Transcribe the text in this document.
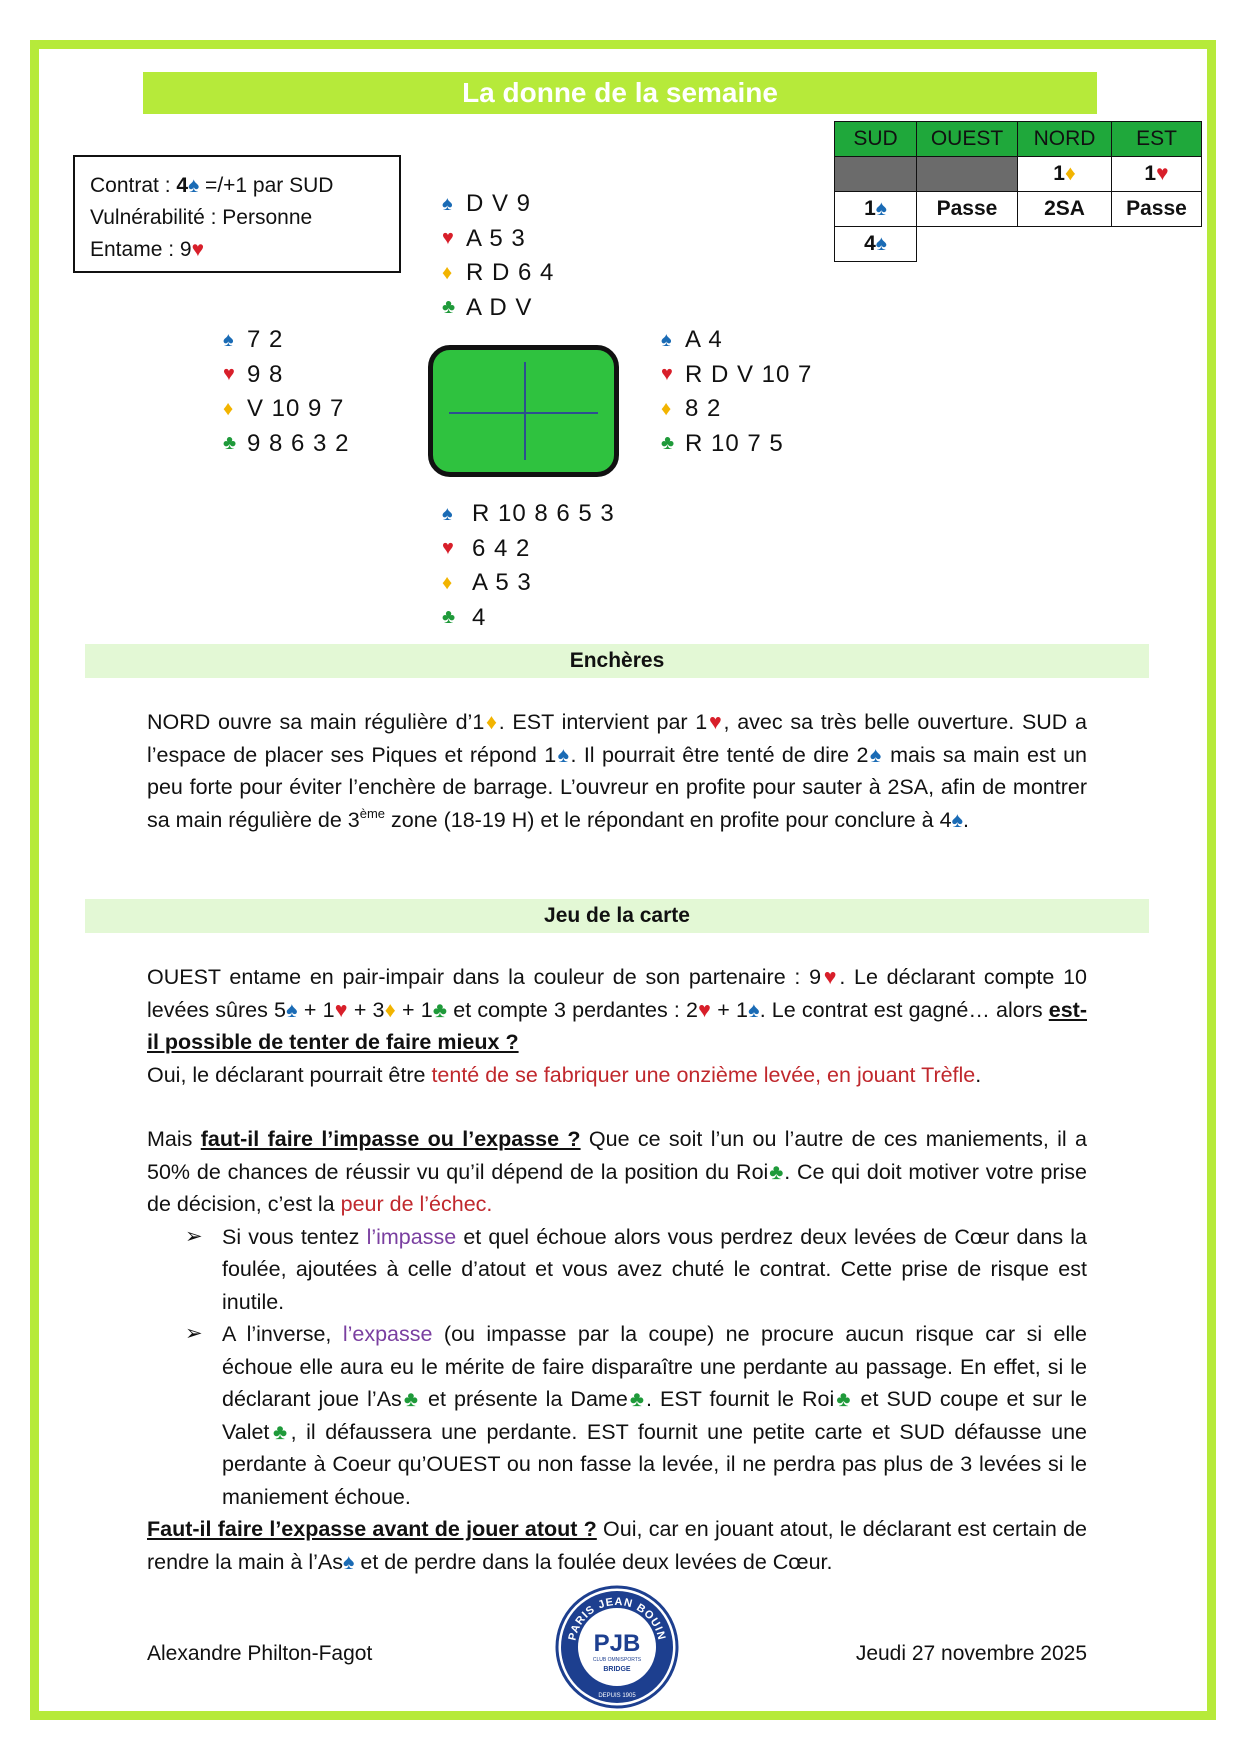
La donne de la semaine
Contrat : 4♠ =/+1 par SUD
Vulnérabilité : Personne
Entame : 9♥
SUD	OUEST	NORD	EST
		1♦	1♥
1♠	Passe	2SA	Passe
4♠			
♠ D V 9
♥ A 5 3
♦ R D 6 4
♣ A D V
♠ 7 2
♥ 9 8
♦ V 10 9 7
♣ 9 8 6 3 2
♠ A 4
♥ R D V 10 7
♦ 8 2
♣ R 10 7 5
♠ R 10 8 6 5 3
♥ 6 4 2
♦ A 5 3
♣ 4
Enchères

NORD ouvre sa main régulière d’1♦. EST intervient par 1♥, avec sa très belle ouverture. SUD a l’espace de placer ses Piques et répond 1♠. Il pourrait être tenté de dire 2♠ mais sa main est un peu forte pour éviter l’enchère de barrage. L’ouvreur en profite pour sauter à 2SA, afin de montrer sa main régulière de 3ème zone (18-19 H) et le répondant en profite pour conclure à 4♠.

Jeu de la carte

OUEST entame en pair-impair dans la couleur de son partenaire : 9♥. Le déclarant compte 10 levées sûres 5♠ + 1♥ + 3♦ + 1♣ et compte 3 perdantes : 2♥ + 1♠. Le contrat est gagné… alors est-il possible de tenter de faire mieux ?

Oui, le déclarant pourrait être tenté de se fabriquer une onzième levée, en jouant Trèfle.

Mais faut-il faire l’impasse ou l’expasse ? Que ce soit l’un ou l’autre de ces maniements, il a 50% de chances de réussir vu qu’il dépend de la position du Roi♣. Ce qui doit motiver votre prise de décision, c’est la peur de l’échec.

➢ Si vous tentez l’impasse et quel échoue alors vous perdrez deux levées de Cœur dans la foulée, ajoutées à celle d’atout et vous avez chuté le contrat. Cette prise de risque est inutile.

➢ A l’inverse, l’expasse (ou impasse par la coupe) ne procure aucun risque car si elle échoue elle aura eu le mérite de faire disparaître une perdante au passage. En effet, si le déclarant joue l’As♣ et présente la Dame♣. EST fournit le Roi♣ et SUD coupe et sur le Valet♣, il défaussera une perdante. EST fournit une petite carte et SUD défausse une perdante à Coeur qu’OUEST ou non fasse la levée, il ne perdra pas plus de 3 levées si le maniement échoue.

Faut-il faire l’expasse avant de jouer atout ? Oui, car en jouant atout, le déclarant est certain de rendre la main à l’As♠ et de perdre dans la foulée deux levées de Cœur.

Alexandre Philton-Fagot	Jeudi 27 novembre 2025
PARIS JEAN BOUIN
PJB
CLUB OMNISPORTS
BRIDGE
DEPUIS 1905
